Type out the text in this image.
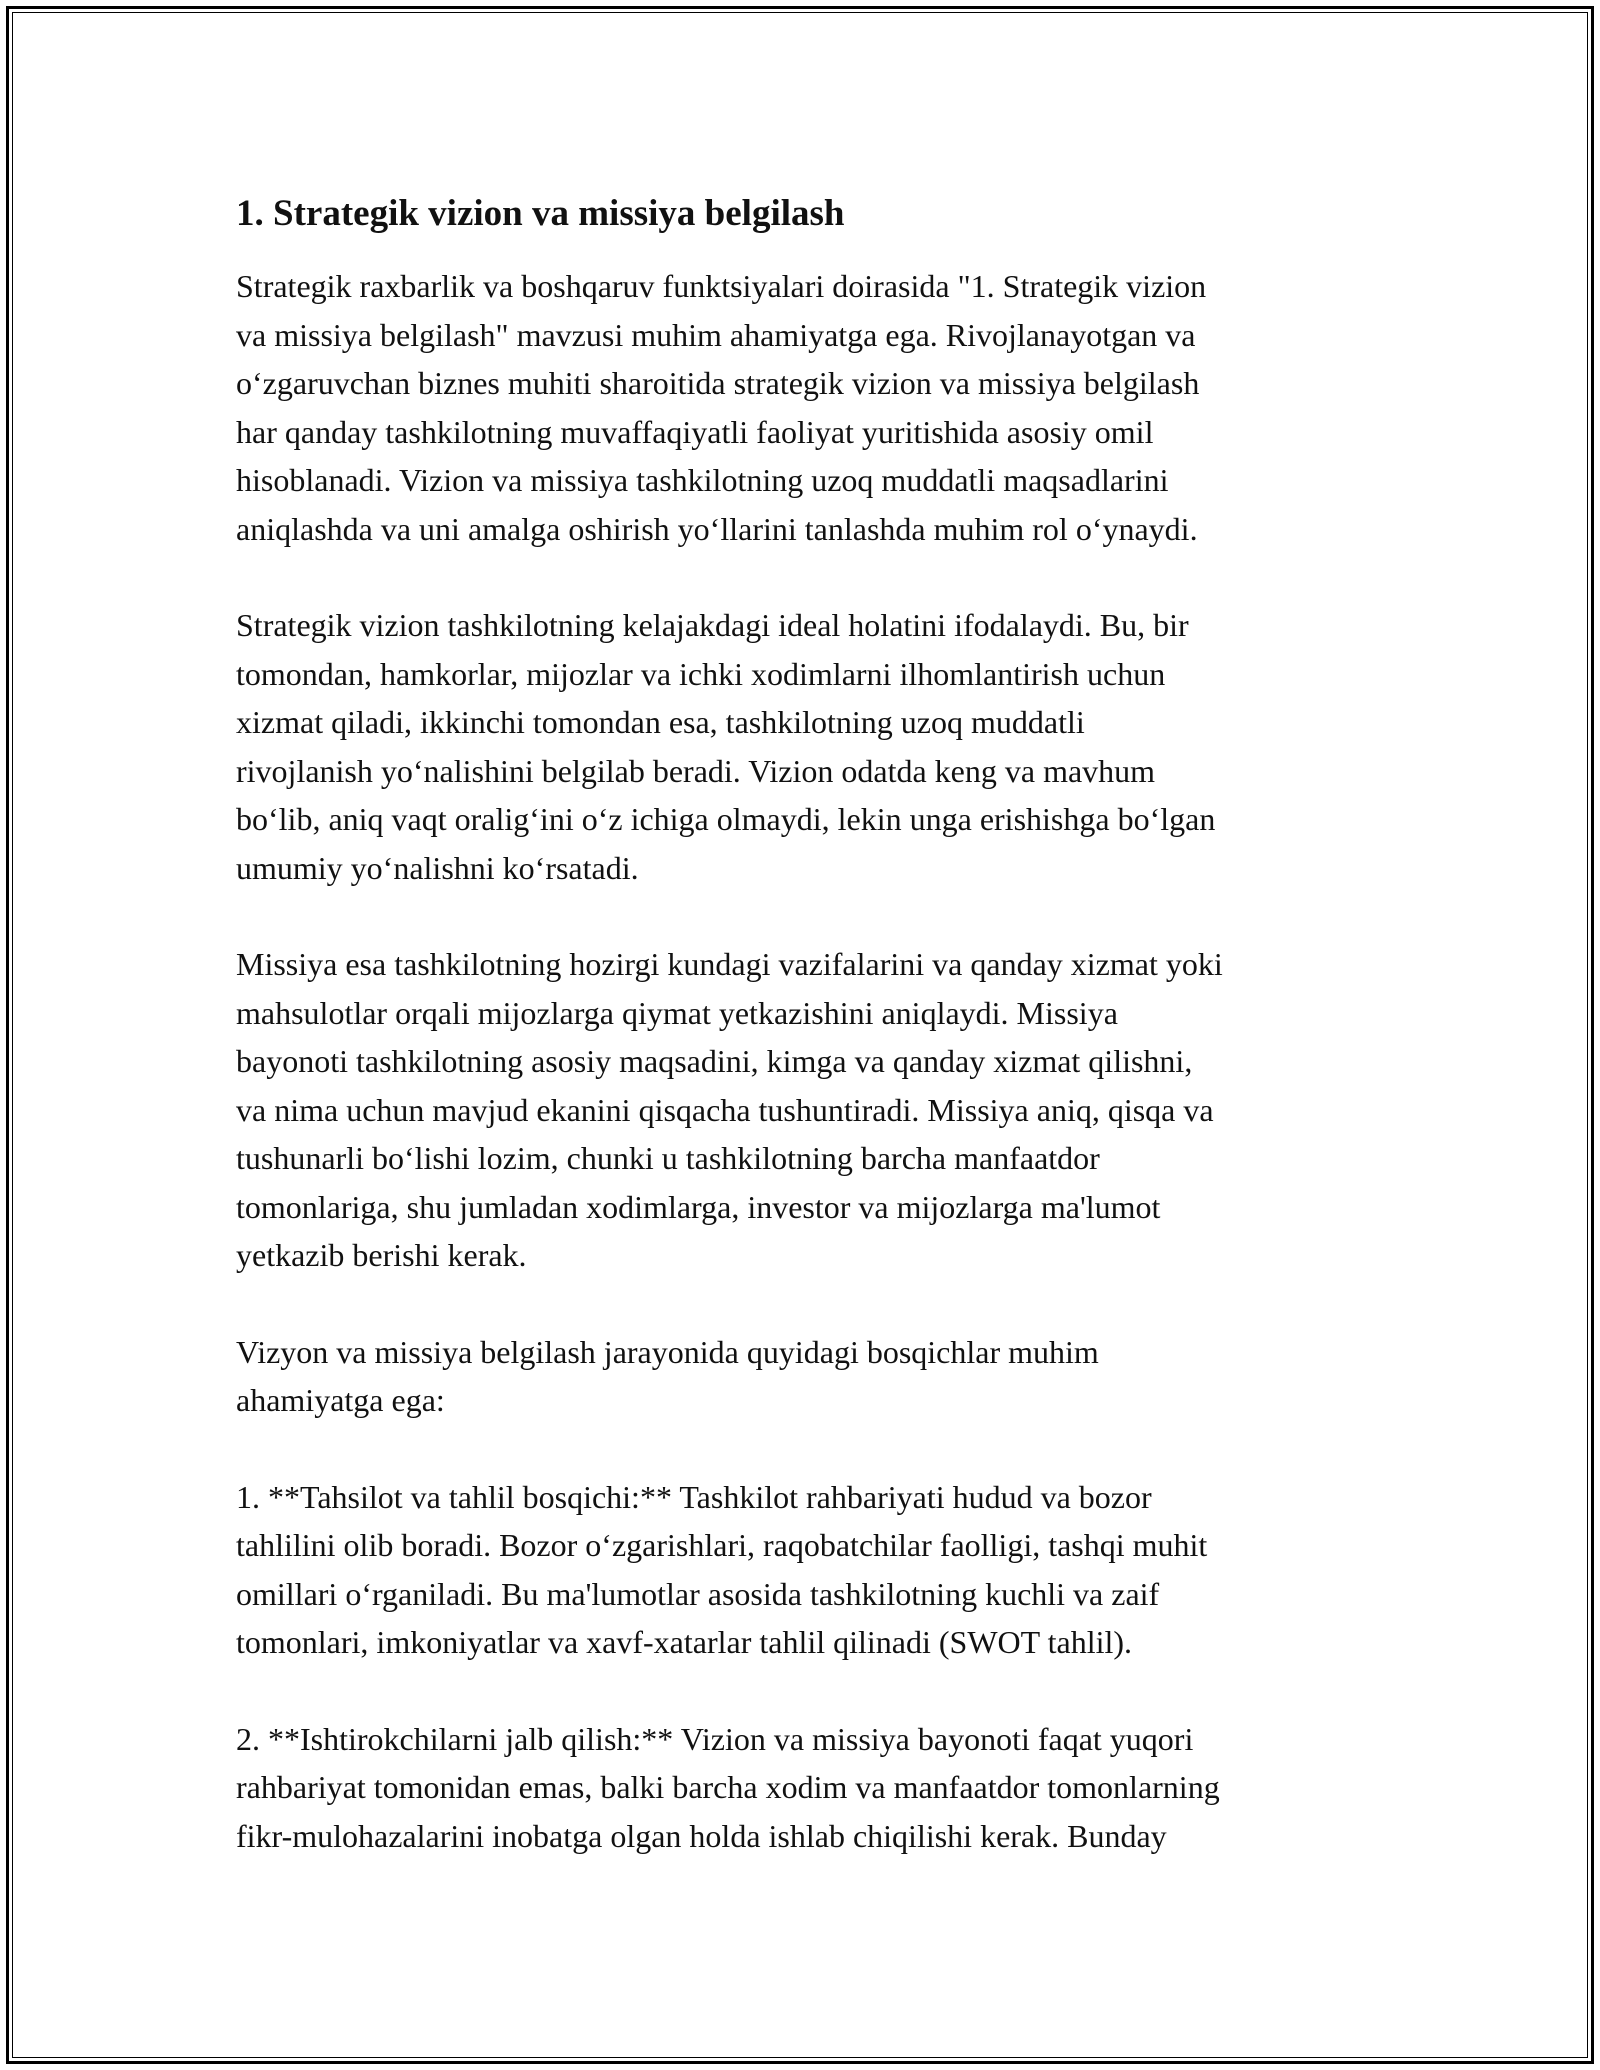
1. Strategik vizion va missiya belgilash

Strategik raxbarlik va boshqaruv funktsiyalari doirasida "1. Strategik vizion
va missiya belgilash" mavzusi muhim ahamiyatga ega. Rivojlanayotgan va
o‘zgaruvchan biznes muhiti sharoitida strategik vizion va missiya belgilash
har qanday tashkilotning muvaffaqiyatli faoliyat yuritishida asosiy omil
hisoblanadi. Vizion va missiya tashkilotning uzoq muddatli maqsadlarini
aniqlashda va uni amalga oshirish yo‘llarini tanlashda muhim rol o‘ynaydi.

Strategik vizion tashkilotning kelajakdagi ideal holatini ifodalaydi. Bu, bir
tomondan, hamkorlar, mijozlar va ichki xodimlarni ilhomlantirish uchun
xizmat qiladi, ikkinchi tomondan esa, tashkilotning uzoq muddatli
rivojlanish yo‘nalishini belgilab beradi. Vizion odatda keng va mavhum
bo‘lib, aniq vaqt oralig‘ini o‘z ichiga olmaydi, lekin unga erishishga bo‘lgan
umumiy yo‘nalishni ko‘rsatadi.

Missiya esa tashkilotning hozirgi kundagi vazifalarini va qanday xizmat yoki
mahsulotlar orqali mijozlarga qiymat yetkazishini aniqlaydi. Missiya
bayonoti tashkilotning asosiy maqsadini, kimga va qanday xizmat qilishni,
va nima uchun mavjud ekanini qisqacha tushuntiradi. Missiya aniq, qisqa va
tushunarli bo‘lishi lozim, chunki u tashkilotning barcha manfaatdor
tomonlariga, shu jumladan xodimlarga, investor va mijozlarga ma'lumot
yetkazib berishi kerak.

Vizyon va missiya belgilash jarayonida quyidagi bosqichlar muhim
ahamiyatga ega:

1. **Tahsilot va tahlil bosqichi:** Tashkilot rahbariyati hudud va bozor
tahlilini olib boradi. Bozor o‘zgarishlari, raqobatchilar faolligi, tashqi muhit
omillari o‘rganiladi. Bu ma'lumotlar asosida tashkilotning kuchli va zaif
tomonlari, imkoniyatlar va xavf-xatarlar tahlil qilinadi (SWOT tahlil).

2. **Ishtirokchilarni jalb qilish:** Vizion va missiya bayonoti faqat yuqori
rahbariyat tomonidan emas, balki barcha xodim va manfaatdor tomonlarning
fikr-mulohazalarini inobatga olgan holda ishlab chiqilishi kerak. Bunday
